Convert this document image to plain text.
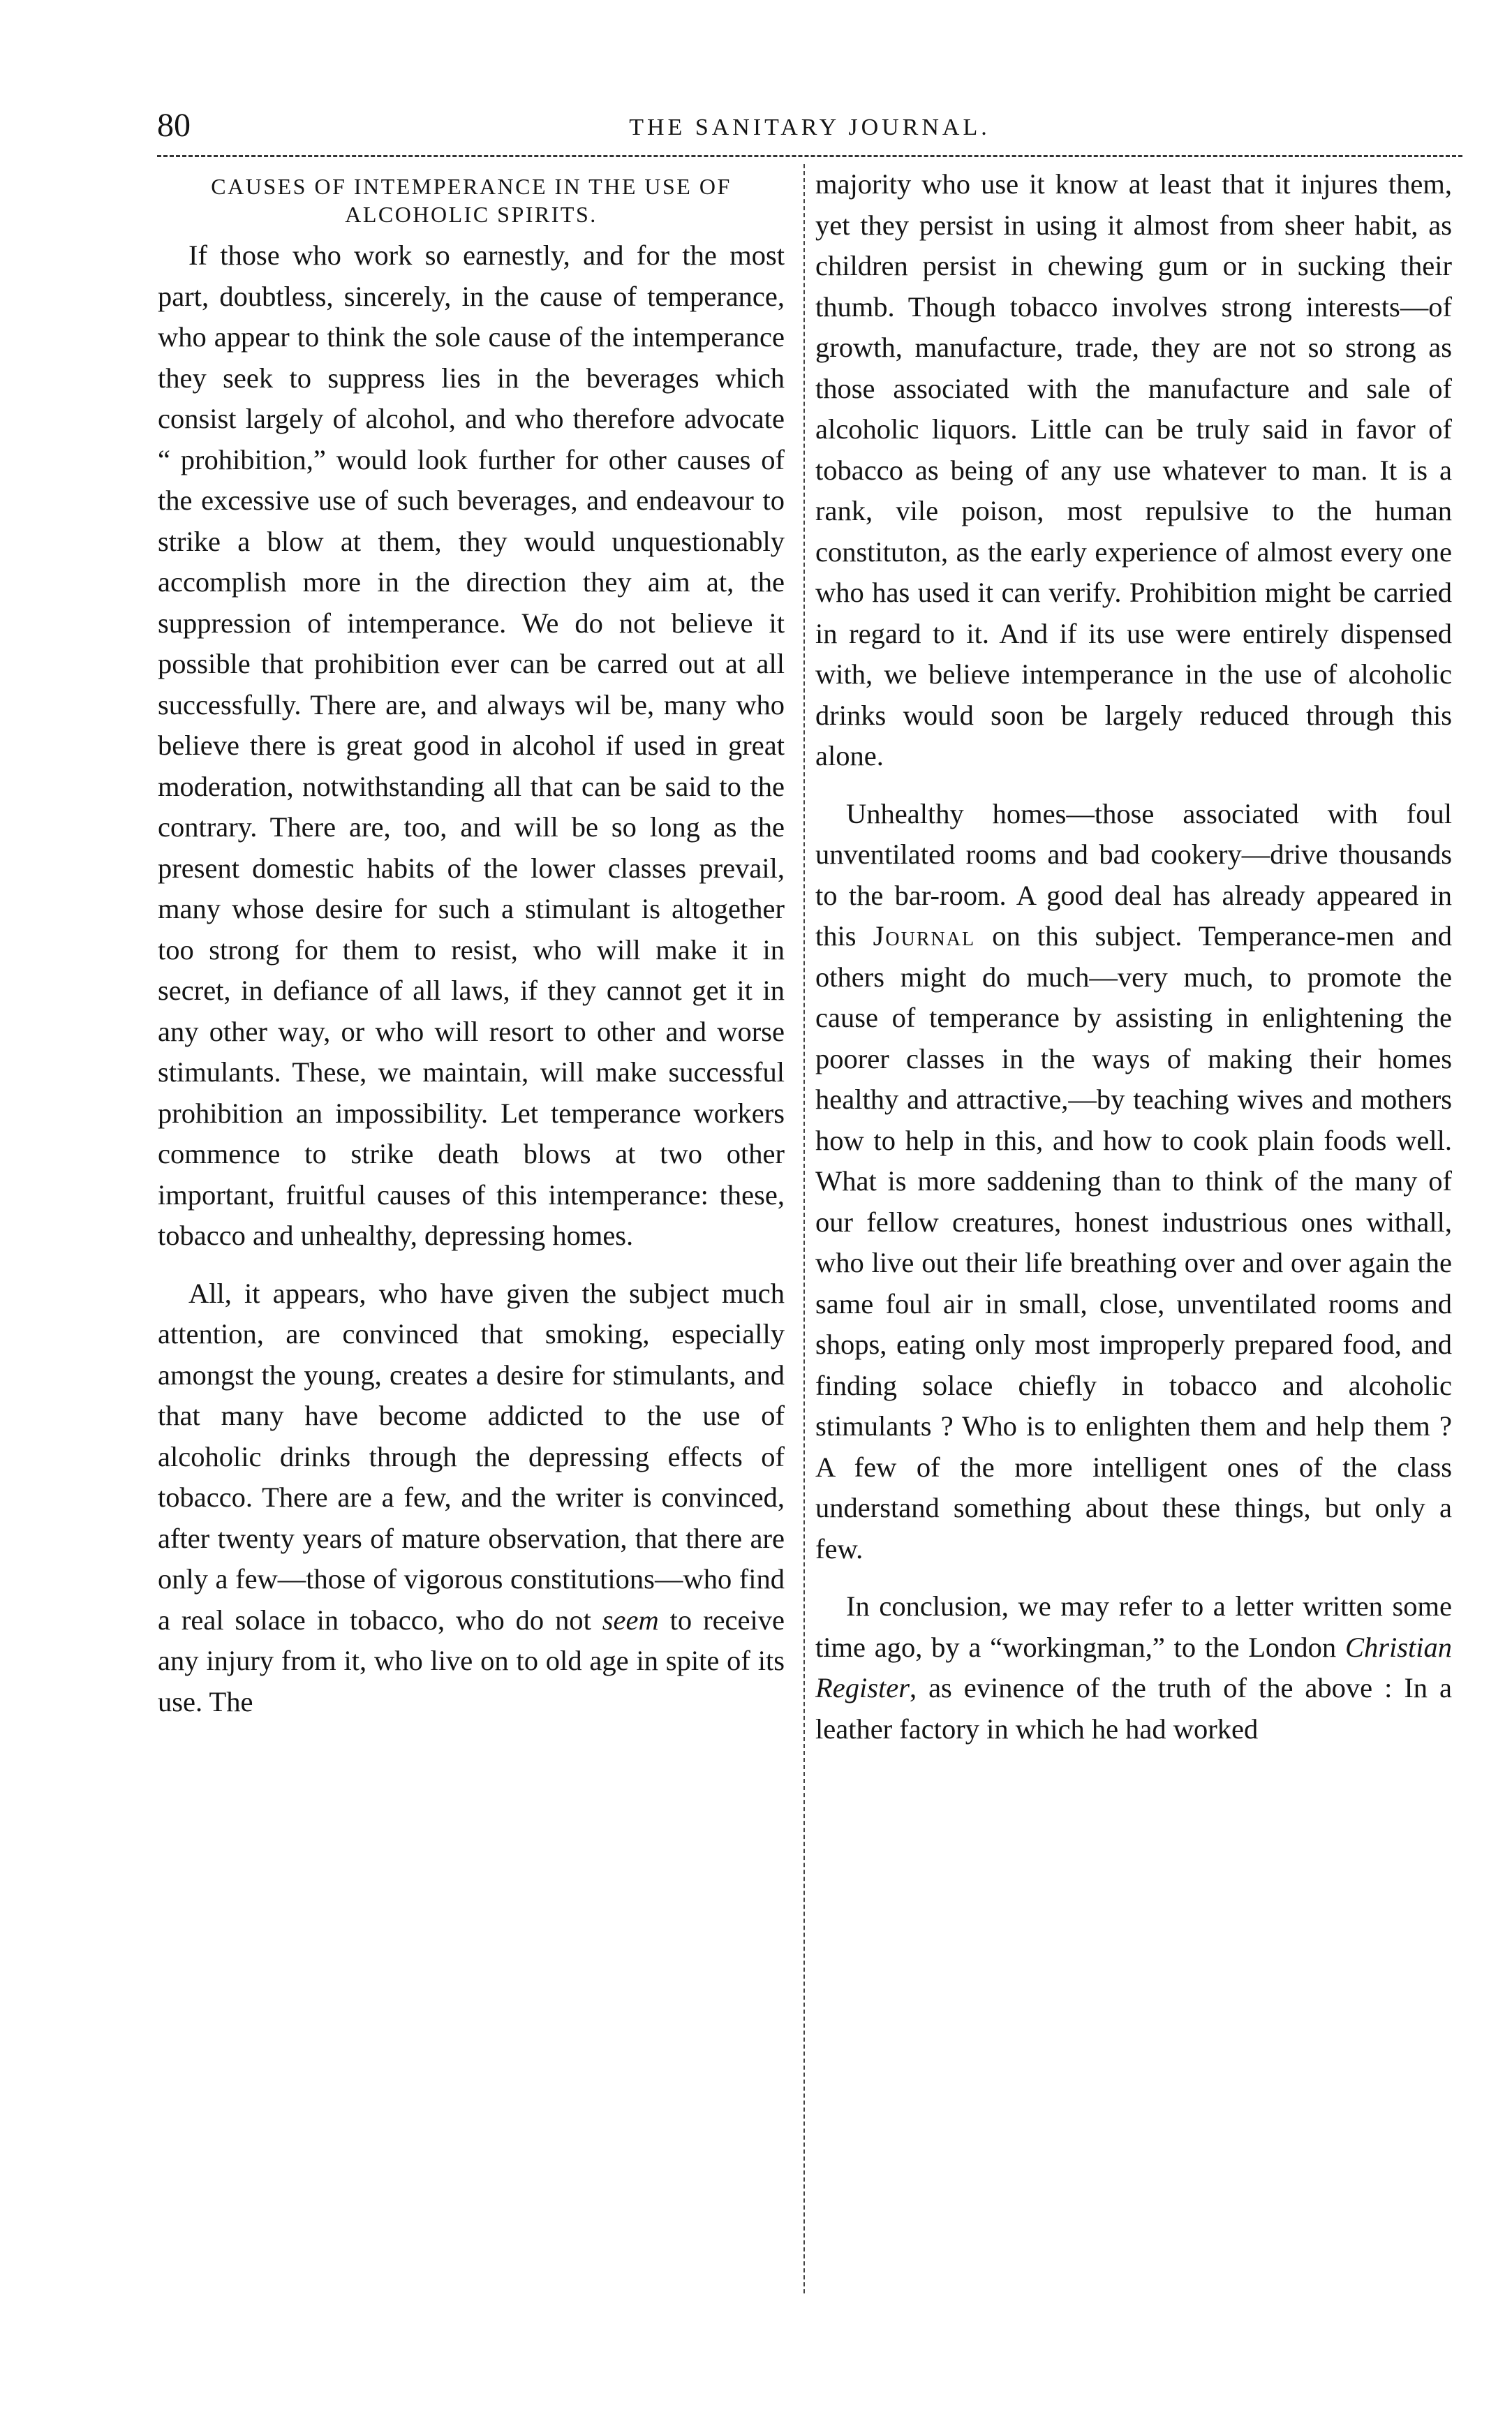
80	THE SANITARY JOURNAL.
CAUSES OF INTEMPERANCE IN THE USE OF ALCOHOLIC SPIRITS.

If those who work so earnestly, and for the most part, doubtless, sincerely, in the cause of temperance, who appear to think the sole cause of the intemperance they seek to suppress lies in the beverages which consist largely of alcohol, and who therefore advocate “ prohibition,” would look further for other causes of the excessive use of such beverages, and endeavour to strike a blow at them, they would unquestionably accomplish more in the direction they aim at, the suppression of intemperance. We do not believe it possible that prohibition ever can be carred out at all successfully. There are, and always wil be, many who believe there is great good in alcohol if used in great moderation, notwithstanding all that can be said to the contrary. There are, too, and will be so long as the present domestic habits of the lower classes prevail, many whose desire for such a stimulant is altogether too strong for them to resist, who will make it in secret, in defiance of all laws, if they cannot get it in any other way, or who will resort to other and worse stimulants. These, we maintain, will make successful prohibition an impossibility. Let temperance workers commence to strike death blows at two other important, fruitful causes of this intemperance: these, tobacco and unhealthy, depressing homes.

All, it appears, who have given the subject much attention, are convinced that smoking, especially amongst the young, creates a desire for stimulants, and that many have become addicted to the use of alcoholic drinks through the depressing effects of tobacco. There are a few, and the writer is convinced, after twenty years of mature observation, that there are only a few—those of vigorous constitutions—who find a real solace in tobacco, who do not seem to receive any injury from it, who live on to old age in spite of its use. The

majority who use it know at least that it injures them, yet they persist in using it almost from sheer habit, as children persist in chewing gum or in sucking their thumb. Though tobacco involves strong interests—of growth, manufacture, trade, they are not so strong as those associated with the manufacture and sale of alcoholic liquors. Little can be truly said in favor of tobacco as being of any use whatever to man. It is a rank, vile poison, most repulsive to the human constituton, as the early experience of almost every one who has used it can verify. Prohibition might be carried in regard to it. And if its use were entirely dispensed with, we believe intemperance in the use of alcoholic drinks would soon be largely reduced through this alone.

Unhealthy homes—those associated with foul unventilated rooms and bad cookery—drive thousands to the bar-room. A good deal has already appeared in this Journal on this subject. Temperance-men and others might do much—very much, to promote the cause of temperance by assisting in enlightening the poorer classes in the ways of making their homes healthy and attractive,—by teaching wives and mothers how to help in this, and how to cook plain foods well. What is more saddening than to think of the many of our fellow creatures, honest industrious ones withall, who live out their life breathing over and over again the same foul air in small, close, unventilated rooms and shops, eating only most improperly prepared food, and finding solace chiefly in tobacco and alcoholic stimulants ? Who is to enlighten them and help them ? A few of the more intelligent ones of the class understand something about these things, but only a few.

In conclusion, we may refer to a letter written some time ago, by a “workingman,” to the London Christian Register, as evinence of the truth of the above : In a leather factory in which he had worked
